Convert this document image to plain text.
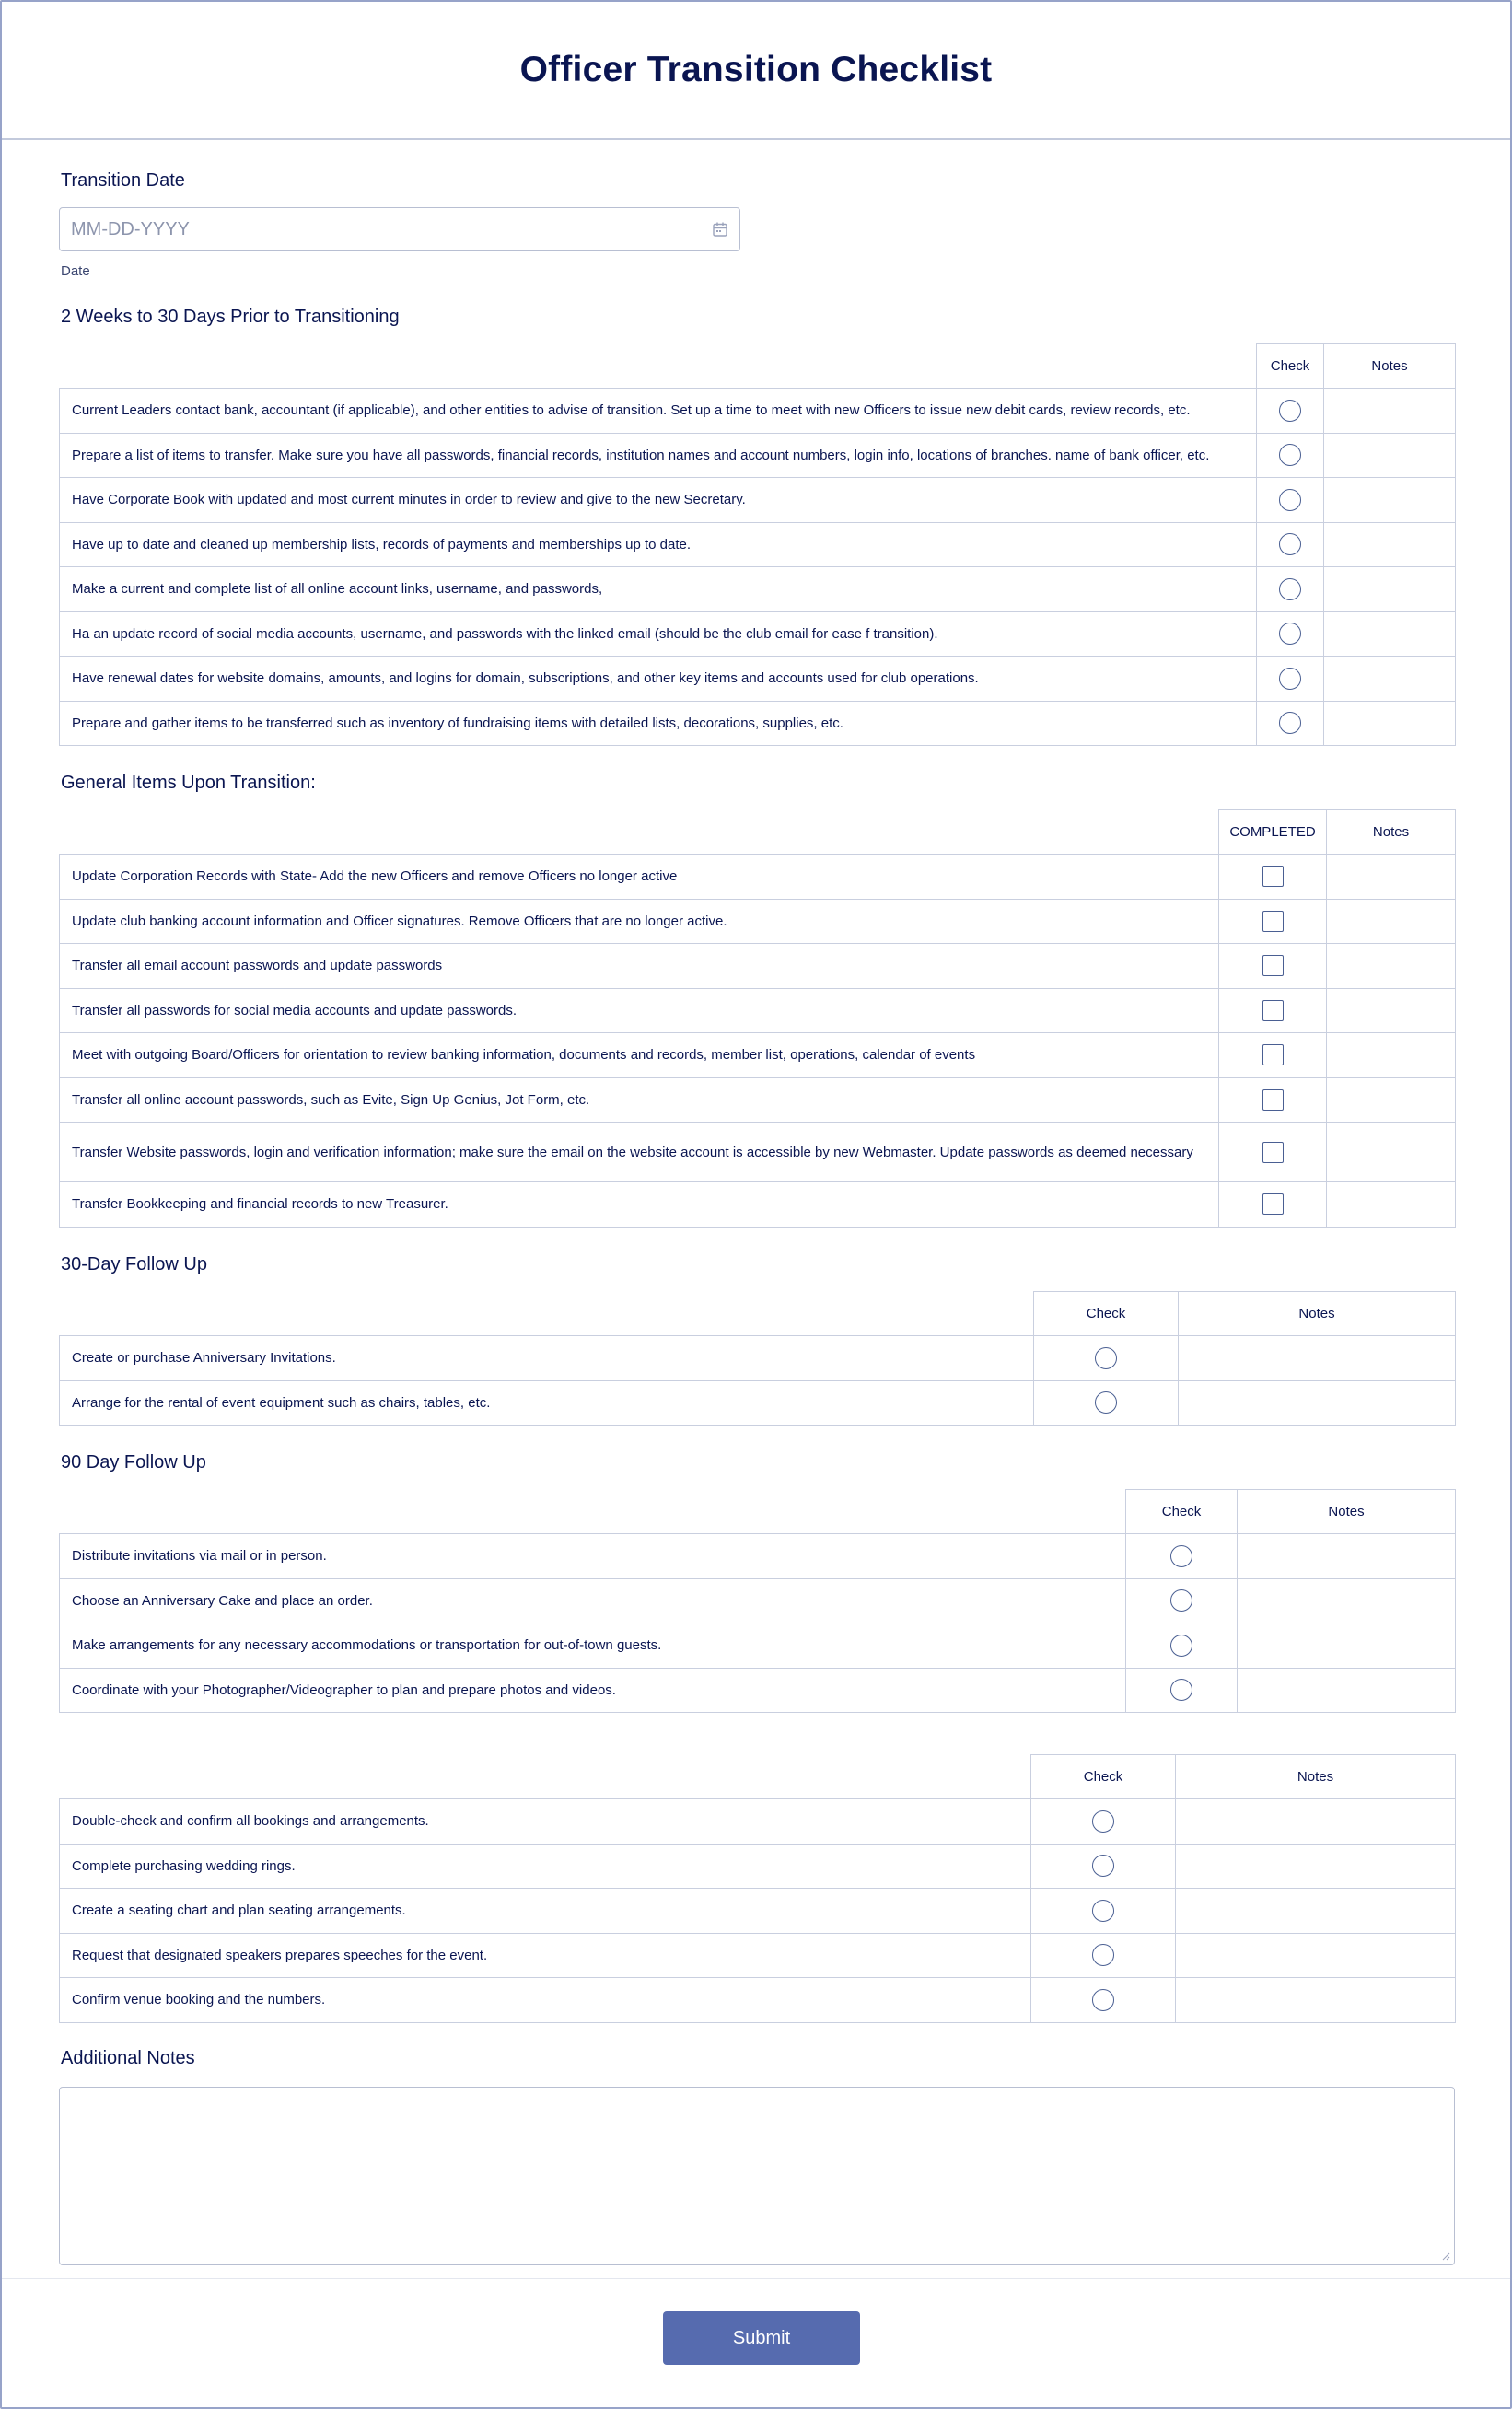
Officer Transition Checklist
Transition Date
MM-DD-YYYY
Date
2 Weeks to 30 Days Prior to Transitioning
	Check	Notes
Current Leaders contact bank, accountant (if applicable), and other entities to advise of transition. Set up a time to meet with new Officers to issue new debit cards, review records, etc.		
Prepare a list of items to transfer. Make sure you have all passwords, financial records, institution names and account numbers, login info, locations of branches. name of bank officer, etc.		
Have Corporate Book with updated and most current minutes in order to review and give to the new Secretary.		
Have up to date and cleaned up membership lists, records of payments and memberships up to date.		
Make a current and complete list of all online account links, username, and passwords,		
Ha an update record of social media accounts, username, and passwords with the linked email (should be the club email for ease f transition).		
Have renewal dates for website domains, amounts, and logins for domain, subscriptions, and other key items and accounts used for club operations.		
Prepare and gather items to be transferred such as inventory of fundraising items with detailed lists, decorations, supplies, etc.		
General Items Upon Transition:
	COMPLETED	Notes
Update Corporation Records with State- Add the new Officers and remove Officers no longer active		
Update club banking account information and Officer signatures. Remove Officers that are no longer active.		
Transfer all email account passwords and update passwords		
Transfer all passwords for social media accounts and update passwords.		
Meet with outgoing Board/Officers for orientation to review banking information, documents and records, member list, operations, calendar of events		
Transfer all online account passwords, such as Evite, Sign Up Genius, Jot Form, etc.		
Transfer Website passwords, login and verification information; make sure the email on the website account is accessible by new Webmaster. Update passwords as deemed necessary		
Transfer Bookkeeping and financial records to new Treasurer.		
30-Day Follow Up
	Check	Notes
Create or purchase Anniversary Invitations.		
Arrange for the rental of event equipment such as chairs, tables, etc.		
90 Day Follow Up
	Check	Notes
Distribute invitations via mail or in person.		
Choose an Anniversary Cake and place an order.		
Make arrangements for any necessary accommodations or transportation for out-of-town guests.		
Coordinate with your Photographer/Videographer to plan and prepare photos and videos.		
	Check	Notes
Double-check and confirm all bookings and arrangements.		
Complete purchasing wedding rings.		
Create a seating chart and plan seating arrangements.		
Request that designated speakers prepares speeches for the event.		
Confirm venue booking and the numbers.		
Additional Notes
Submit
